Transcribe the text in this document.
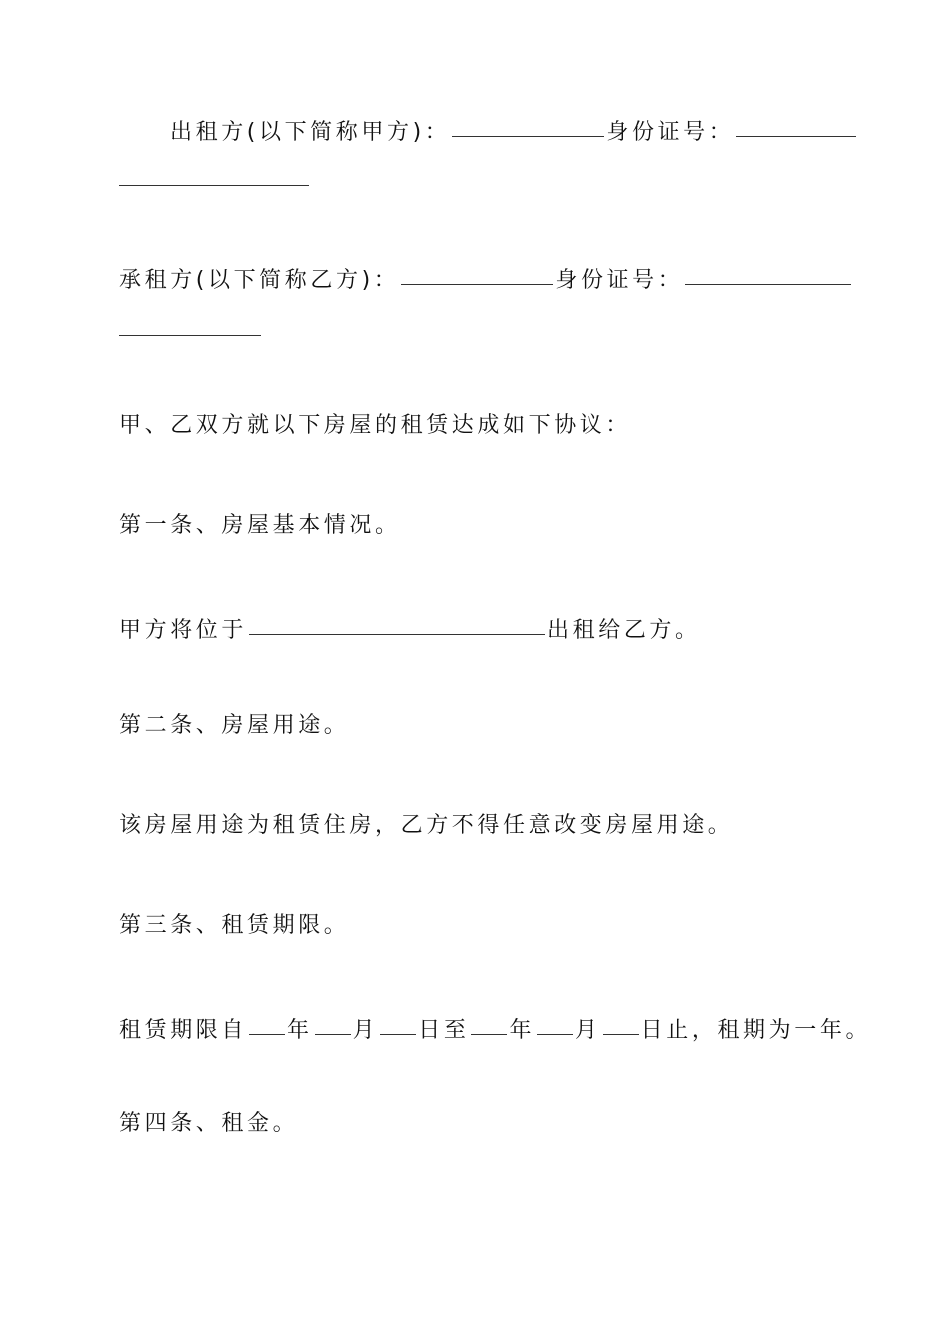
出租方(以下简称甲方)：	身份证号：
承租方(以下简称乙方)：	身份证号：
甲、乙双方就以下房屋的租赁达成如下协议：
第一条、房屋基本情况。
甲方将位于	出租给乙方。
第二条、房屋用途。
该房屋用途为租赁住房，乙方不得任意改变房屋用途。
第三条、租赁期限。
租赁期限自 年 月 日至 年 月 日止，租期为一年。
第四条、租金。
